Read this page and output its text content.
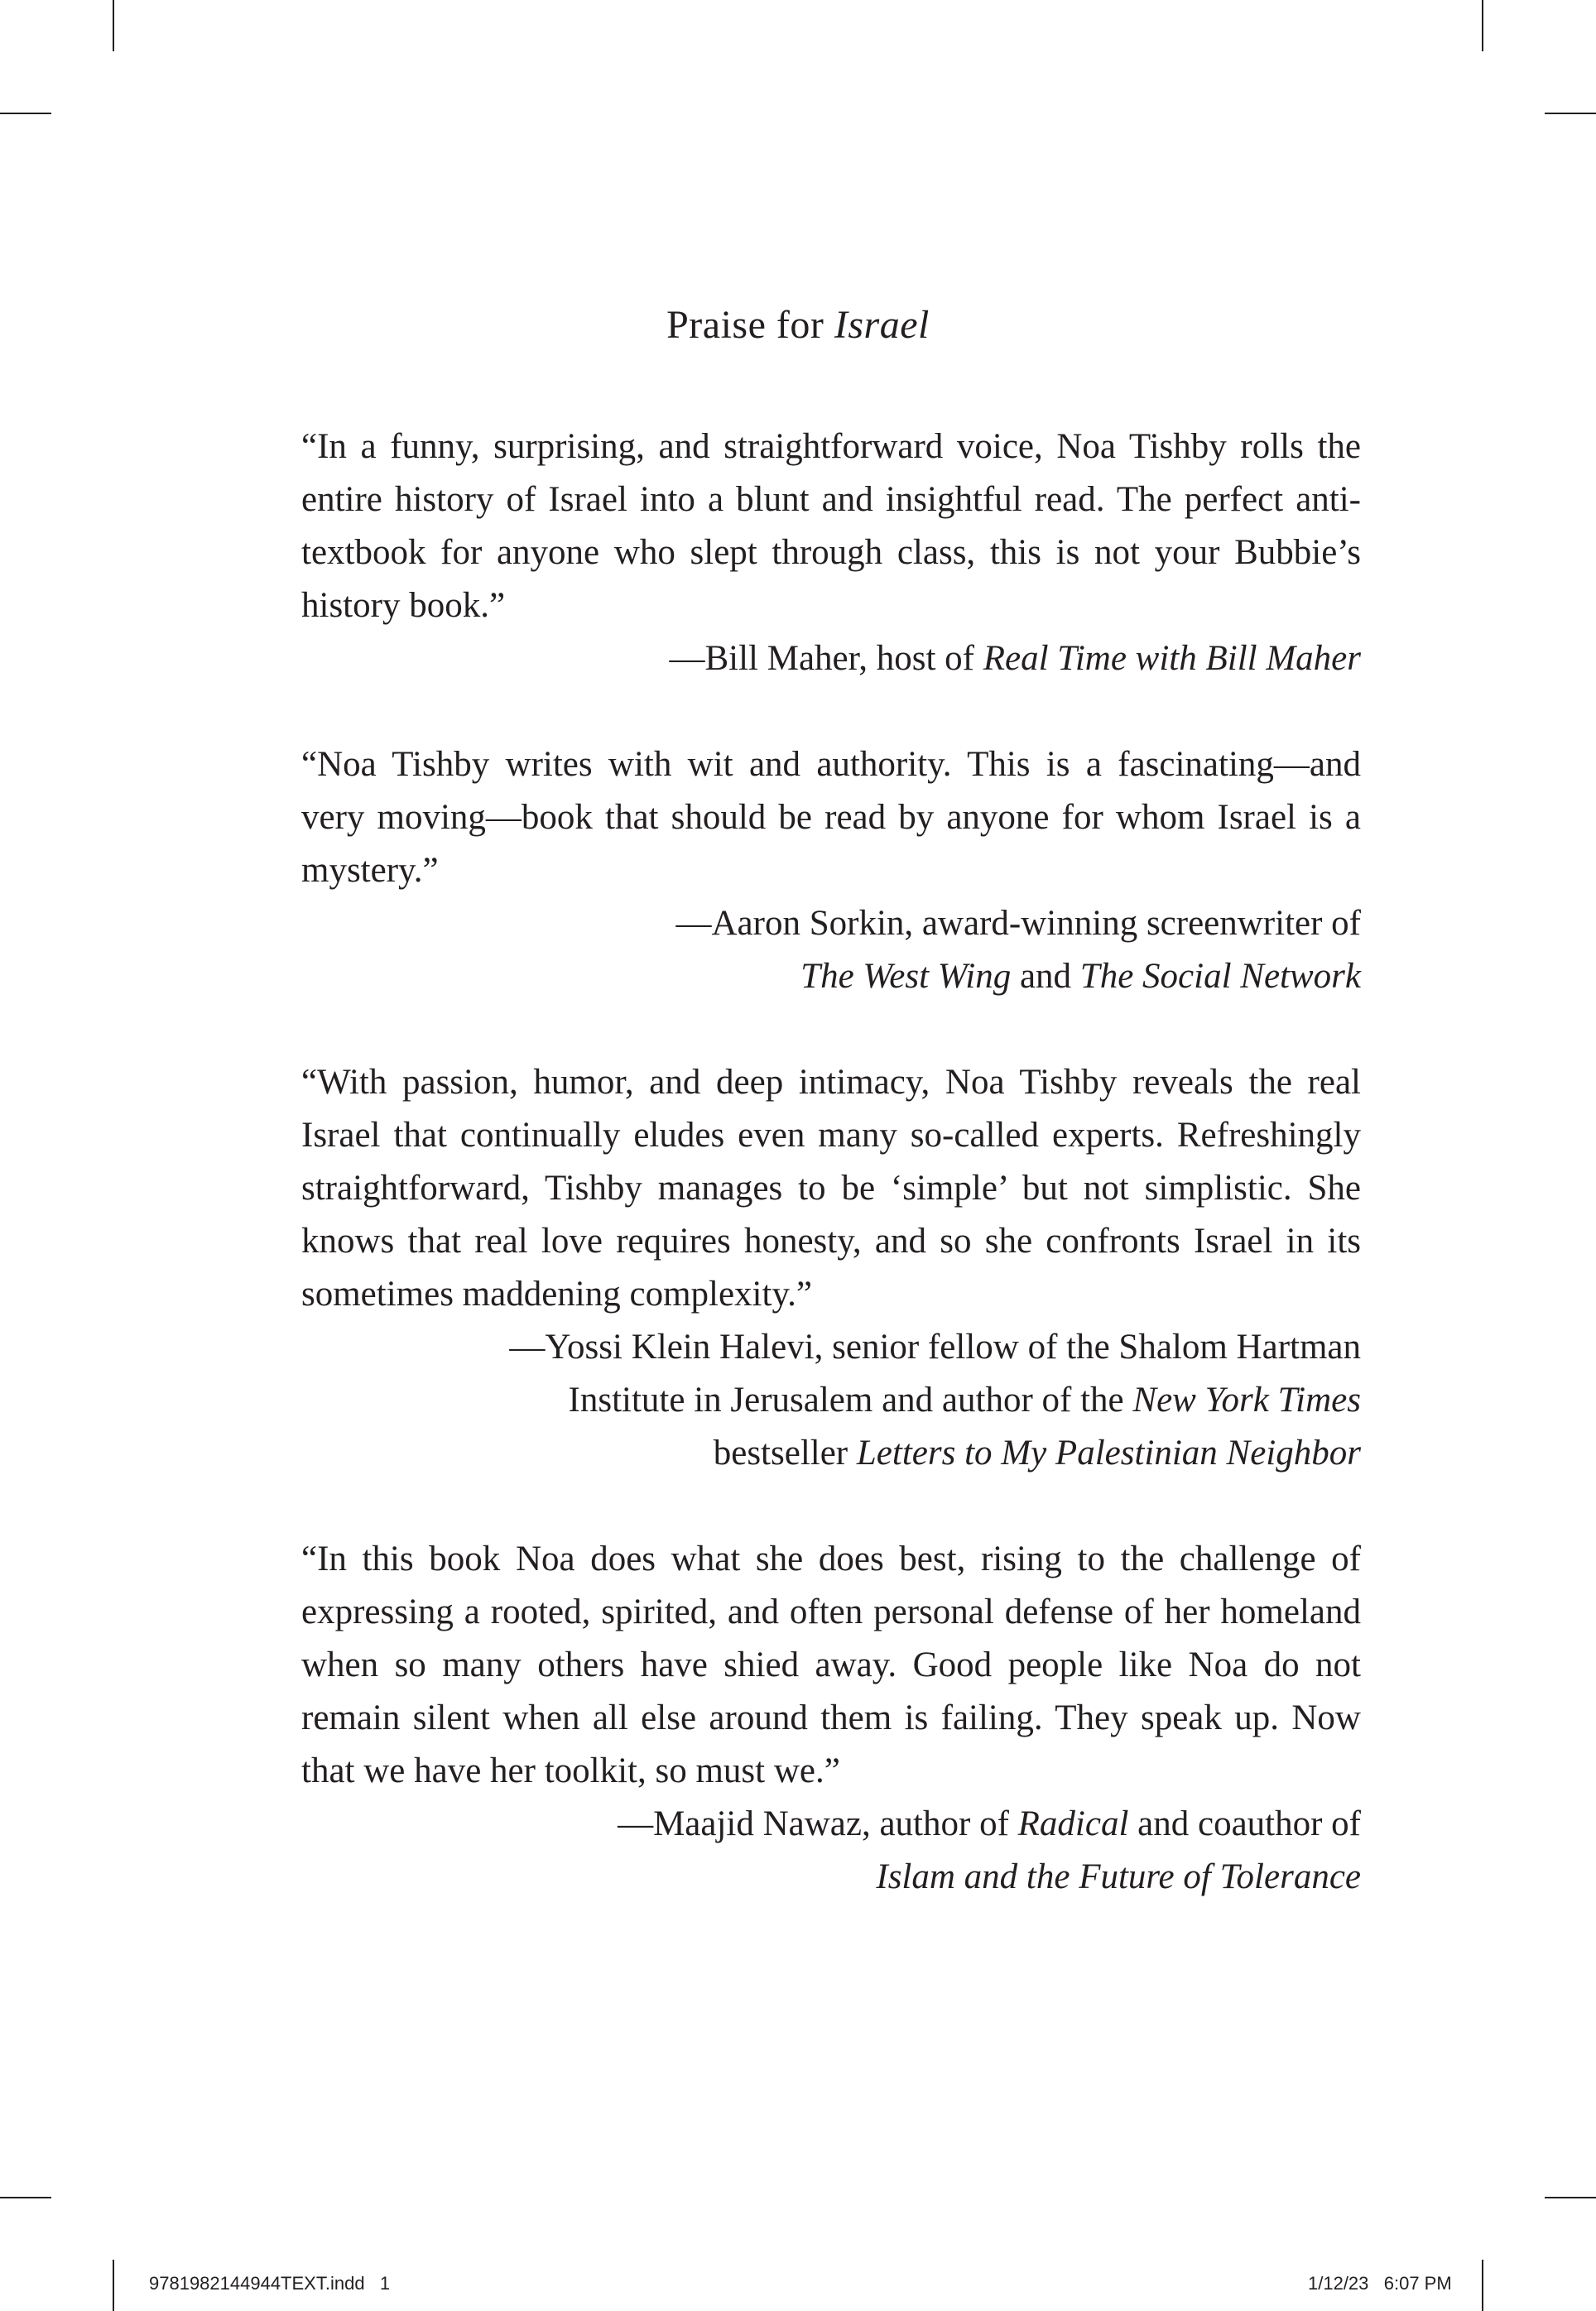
Praise for Israel

“In a funny, surprising, and straightforward voice, Noa Tishby rolls the entire history of Israel into a blunt and insightful read. The perfect anti-textbook for anyone who slept through class, this is not your Bubbie’s history book.”

—Bill Maher, host of Real Time with Bill Maher

“Noa Tishby writes with wit and authority. This is a fascinating—and very moving—book that should be read by anyone for whom Israel is a mystery.”

—Aaron Sorkin, award-winning screenwriter of

The West Wing and The Social Network

“With passion, humor, and deep intimacy, Noa Tishby reveals the real Israel that continually eludes even many so-called experts. Refreshingly straightforward, Tishby manages to be ‘simple’ but not simplistic. She knows that real love requires honesty, and so she confronts Israel in its sometimes maddening complexity.”

—Yossi Klein Halevi, senior fellow of the Shalom Hartman

Institute in Jerusalem and author of the New York Times

bestseller Letters to My Palestinian Neighbor

“In this book Noa does what she does best, rising to the challenge of expressing a rooted, spirited, and often personal defense of her homeland when so many others have shied away. Good people like Noa do not remain silent when all else around them is failing. They speak up. Now that we have her toolkit, so must we.”

—Maajid Nawaz, author of Radical and coauthor of

Islam and the Future of Tolerance

9781982144944TEXT.indd   1	1/12/23   6:07 PM
